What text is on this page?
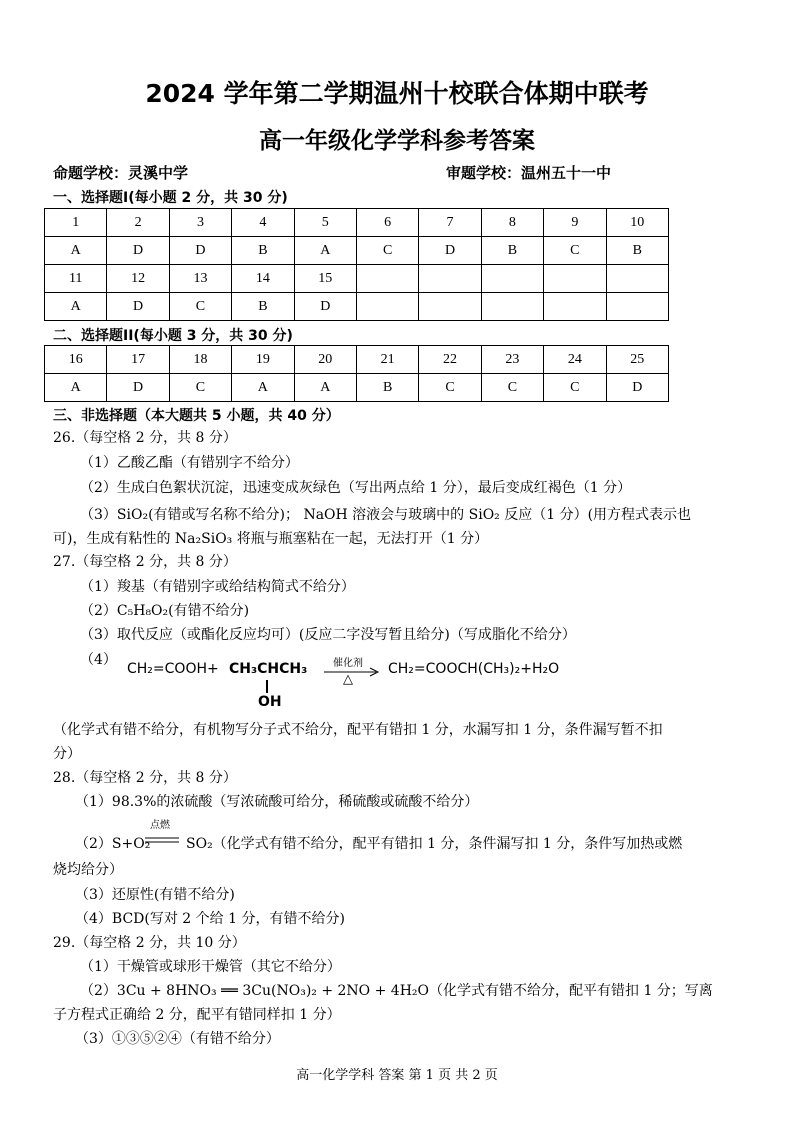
2024 学年第二学期温州十校联合体期中联考
高一年级化学学科参考答案
命题学校：灵溪中学	审题学校：温州五十一中
一、选择题I(每小题 2 分，共 30 分)
1	2	3	4	5	6	7	8	9	10
A	D	D	B	A	C	D	B	C	B
11	12	13	14	15					
A	D	C	B	D					
二、选择题II(每小题 3 分，共 30 分)
16	17	18	19	20	21	22	23	24	25
A	D	C	A	A	B	C	C	C	D
三、非选择题（本大题共 5 小题，共 40 分）
26.（每空格 2 分，共 8 分）
（1）乙酸乙酯（有错别字不给分）
（2）生成白色絮状沉淀，迅速变成灰绿色（写出两点给 1 分），最后变成红褐色（1 分）
（3）SiO₂(有错或写名称不给分)； NaOH 溶液会与玻璃中的 SiO₂ 反应（1 分）(用方程式表示也
可)，生成有粘性的 Na₂SiO₃ 将瓶与瓶塞粘在一起，无法打开（1 分）
27.（每空格 2 分，共 8 分）
（1）羧基（有错别字或给结构简式不给分）
（2）C₅H₈O₂(有错不给分)
（3）取代反应（或酯化反应均可）(反应二字没写暂且给分)（写成脂化不给分）
（4）
CH₂=COOH+ CH₃CHCH₃
OH
催化剂
△
CH₂=COOCH(CH₃)₂+H₂O
（化学式有错不给分，有机物写分子式不给分，配平有错扣 1 分，水漏写扣 1 分，条件漏写暂不扣
分）
28.（每空格 2 分，共 8 分）
（1）98.3%的浓硫酸（写浓硫酸可给分，稀硫酸或硫酸不给分）
（2）S+O₂
点燃
SO₂（化学式有错不给分，配平有错扣 1 分，条件漏写扣 1 分，条件写加热或燃
烧均给分）
（3）还原性(有错不给分)
（4）BCD(写对 2 个给 1 分，有错不给分)
29.（每空格 2 分，共 10 分）
（1）干燥管或球形干燥管（其它不给分）
（2）3Cu + 8HNO₃ ══ 3Cu(NO₃)₂ + 2NO + 4H₂O（化学式有错不给分，配平有错扣 1 分；写离
子方程式正确给 2 分，配平有错同样扣 1 分）
（3）①③⑤②④（有错不给分）
高一化学学科 答案 第 1 页 共 2 页
